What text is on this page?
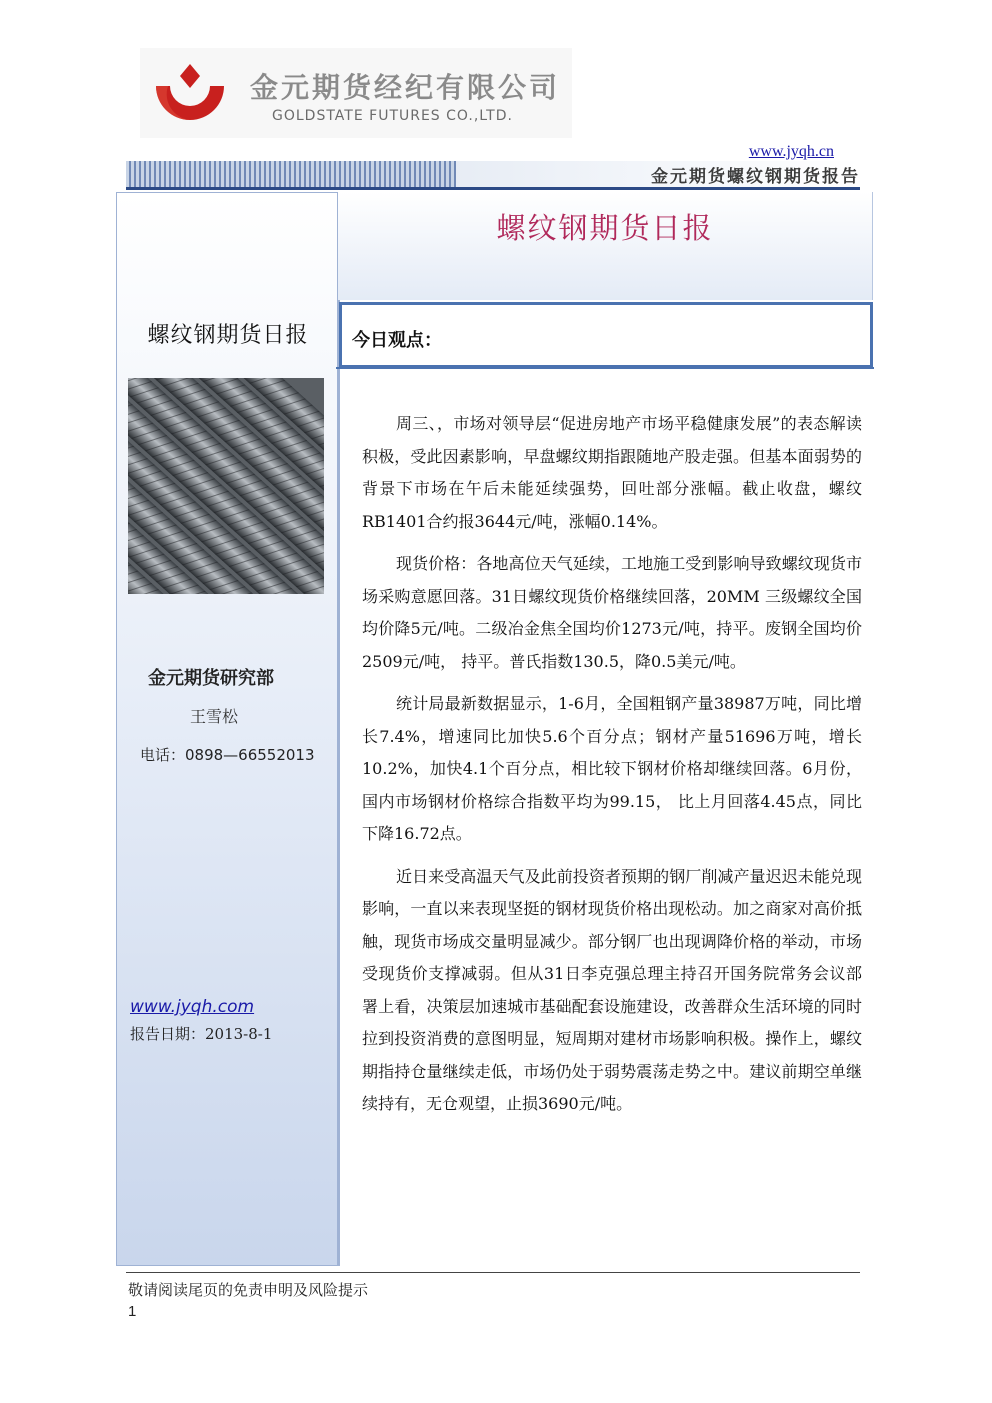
金元期货经纪有限公司
GOLDSTATE FUTURES CO.,LTD.
www.jyqh.cn
金元期货螺纹钢期货报告
螺纹钢期货日报
金元期货研究部
王雪松
电话：0898—66552013
www.jyqh.com
报告日期：2013-8-1
螺纹钢期货日报
今日观点：

周三、，市场对领导层“促进房地产市场平稳健康发展”的表态解读积极，受此因素影响，早盘螺纹期指跟随地产股走强。但基本面弱势的背景下市场在午后未能延续强势，回吐部分涨幅。截止收盘，螺纹 RB1401合约报3644元/吨，涨幅0.14%。

现货价格：各地高位天气延续，工地施工受到影响导致螺纹现货市场采购意愿回落。31日螺纹现货价格继续回落，20MM 三级螺纹全国均价降5元/吨。二级冶金焦全国均价1273元/吨，持平。废钢全国均价2509元/吨， 持平。普氏指数130.5，降0.5美元/吨。

统计局最新数据显示，1-6月，全国粗钢产量38987万吨，同比增长7.4%，增速同比加快5.6个百分点；钢材产量51696万吨，增长10.2%，加快4.1个百分点，相比较下钢材价格却继续回落。6月份，国内市场钢材价格综合指数平均为99.15， 比上月回落4.45点，同比下降16.72点。

近日来受高温天气及此前投资者预期的钢厂削减产量迟迟未能兑现影响，一直以来表现坚挺的钢材现货价格出现松动。加之商家对高价抵触，现货市场成交量明显减少。部分钢厂也出现调降价格的举动，市场受现货价支撑减弱。但从31日李克强总理主持召开国务院常务会议部署上看，决策层加速城市基础配套设施建设，改善群众生活环境的同时拉到投资消费的意图明显，短周期对建材市场影响积极。操作上，螺纹期指持仓量继续走低，市场仍处于弱势震荡走势之中。建议前期空单继续持有，无仓观望，止损3690元/吨。

敬请阅读尾页的免责申明及风险提示
1
